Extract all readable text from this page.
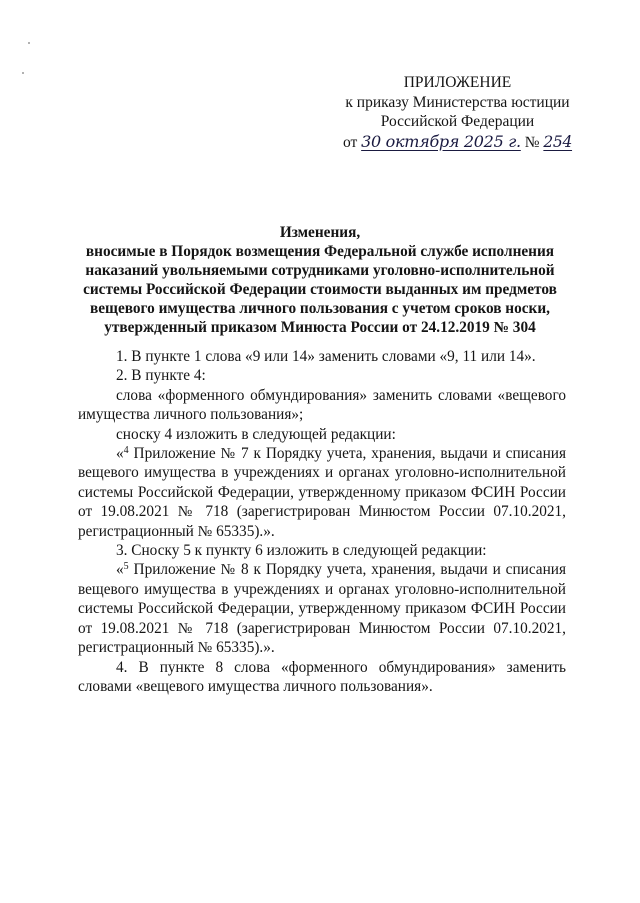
ПРИЛОЖЕНИЕ
к приказу Министерства юстиции
Российской Федерации
от 30 октября 2025 г. № 254
Изменения,
вносимые в Порядок возмещения Федеральной службе исполнения наказаний увольняемыми сотрудниками уголовно-исполнительной системы Российской Федерации стоимости выданных им предметов вещевого имущества личного пользования с учетом сроков носки, утвержденный приказом Минюста России от 24.12.2019 № 304

1. В пункте 1 слова «9 или 14» заменить словами «9, 11 или 14».

2. В пункте 4:

слова «форменного обмундирования» заменить словами «вещевого имущества личного пользования»;

сноску 4 изложить в следующей редакции:

«$^4$ Приложение № 7 к Порядку учета, хранения, выдачи и списания вещевого имущества в учреждениях и органах уголовно-исполнительной системы Российской Федерации, утвержденному приказом ФСИН России от 19.08.2021 № 718 (зарегистрирован Минюстом России 07.10.2021, регистрационный № 65335).».

3. Сноску 5 к пункту 6 изложить в следующей редакции:

«$^5$ Приложение № 8 к Порядку учета, хранения, выдачи и списания вещевого имущества в учреждениях и органах уголовно-исполнительной системы Российской Федерации, утвержденному приказом ФСИН России от 19.08.2021 № 718 (зарегистрирован Минюстом России 07.10.2021, регистрационный № 65335).».

4. В пункте 8 слова «форменного обмундирования» заменить словами «вещевого имущества личного пользования».
